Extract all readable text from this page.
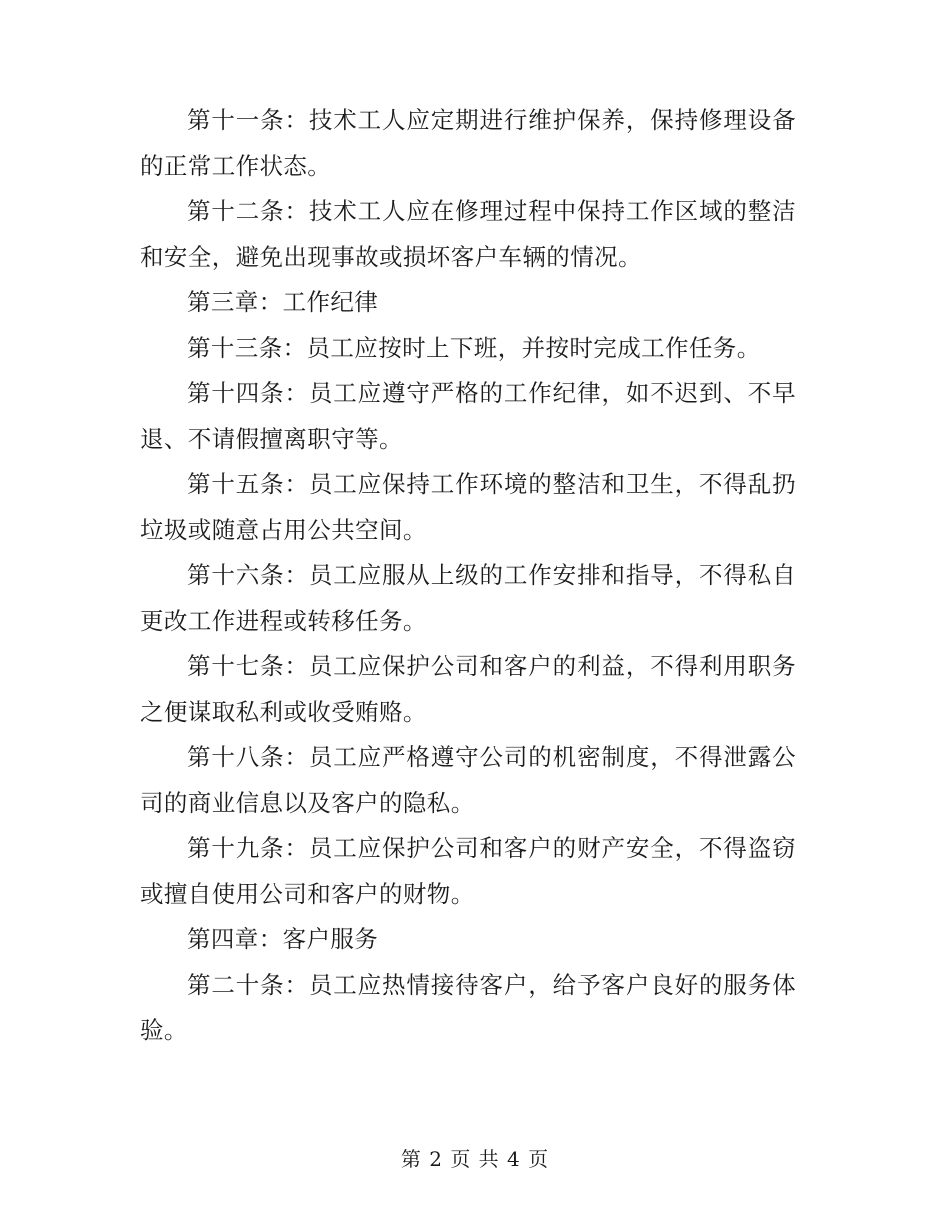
第十一条：技术工人应定期进行维护保养，保持修理设备的正常工作状态。

第十二条：技术工人应在修理过程中保持工作区域的整洁和安全，避免出现事故或损坏客户车辆的情况。

第三章：工作纪律

第十三条：员工应按时上下班，并按时完成工作任务。

第十四条：员工应遵守严格的工作纪律，如不迟到、不早退、不请假擅离职守等。

第十五条：员工应保持工作环境的整洁和卫生，不得乱扔垃圾或随意占用公共空间。

第十六条：员工应服从上级的工作安排和指导，不得私自更改工作进程或转移任务。

第十七条：员工应保护公司和客户的利益，不得利用职务之便谋取私利或收受贿赂。

第十八条：员工应严格遵守公司的机密制度，不得泄露公司的商业信息以及客户的隐私。

第十九条：员工应保护公司和客户的财产安全，不得盗窃或擅自使用公司和客户的财物。

第四章：客户服务

第二十条：员工应热情接待客户，给予客户良好的服务体验。

第 2 页 共 4 页
